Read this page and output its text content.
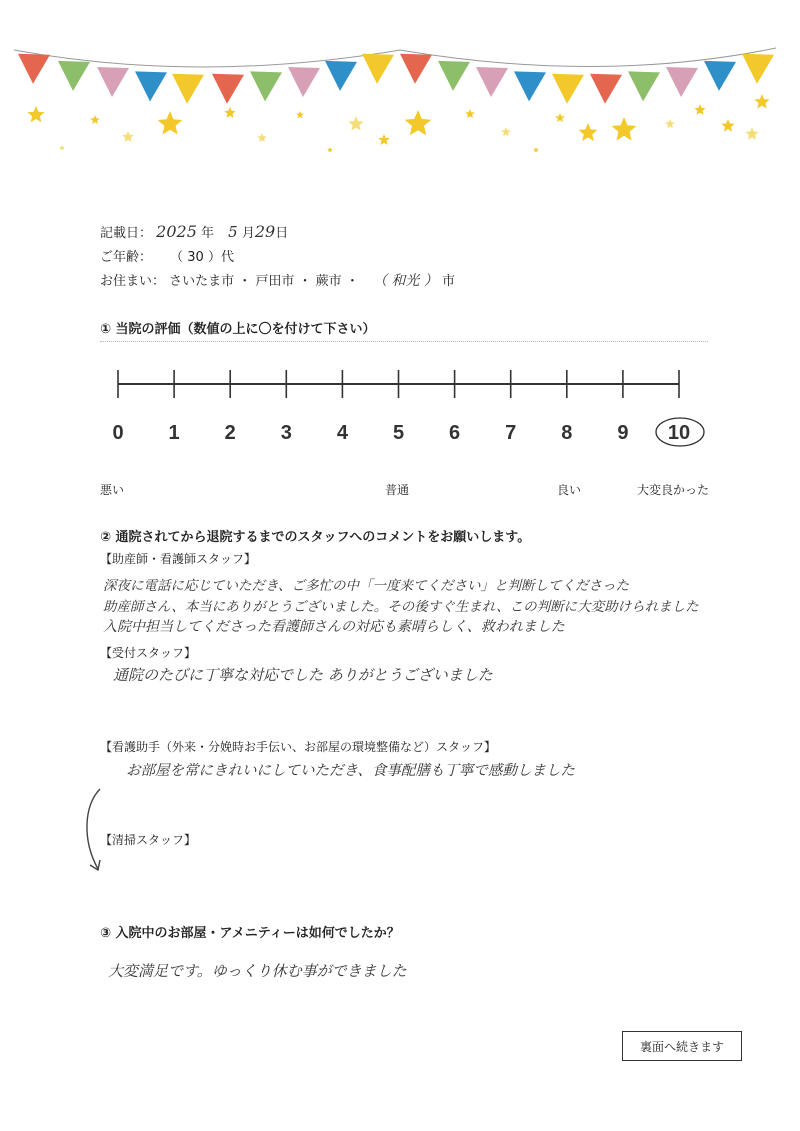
記載日： 2025 年 5 月29日
ご年齢： （ 30 ）代
お住まい： さいたま市 ・ 戸田市 ・ 蕨市 ・ （ 和光 ） 市
① 当院の評価（数値の上に〇を付けて下さい）
0 1 2 3 4 5 6 7 8 9 10
悪い	普通	良い	大変良かった
② 通院されてから退院するまでのスタッフへのコメントをお願いします。
【助産師・看護師スタッフ】
深夜に電話に応じていただき、ご多忙の中「一度来てください」と判断してくださった
助産師さん、本当にありがとうございました。その後すぐ生まれ、この判断に大変助けられました
入院中担当してくださった看護師さんの対応も素晴らしく、救われました
【受付スタッフ】
通院のたびに丁寧な対応でした ありがとうございました
【看護助手（外来・分娩時お手伝い、お部屋の環境整備など）スタッフ】
お部屋を常にきれいにしていただき、食事配膳も丁寧で感動しました
【清掃スタッフ】
③ 入院中のお部屋・アメニティーは如何でしたか？
大変満足です。ゆっくり休む事ができました
裏面へ続きます
